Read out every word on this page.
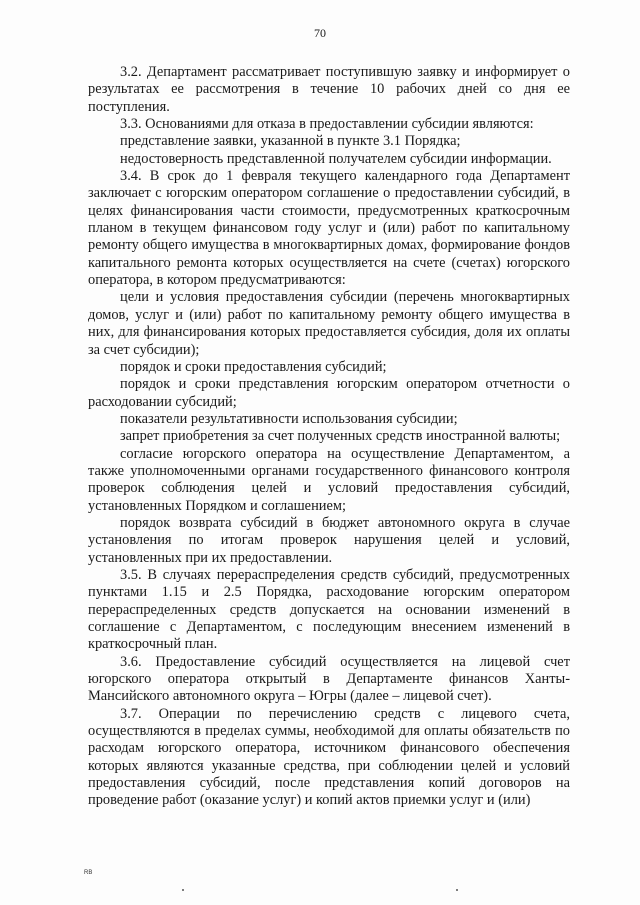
70

3.2. Департамент рассматривает поступившую заявку и информирует о результатах ее рассмотрения в течение 10 рабочих дней со дня ее поступления.

3.3. Основаниями для отказа в предоставлении субсидии являются:

представление заявки, указанной в пункте 3.1 Порядка;

недостоверность представленной получателем субсидии информации.

3.4. В срок до 1 февраля текущего календарного года Департамент заключает с югорским оператором соглашение о предоставлении субсидий, в целях финансирования части стоимости, предусмотренных краткосрочным планом в текущем финансовом году услуг и (или) работ по капитальному ремонту общего имущества в многоквартирных домах, формирование фондов капитального ремонта которых осуществляется на счете (счетах) югорского оператора, в котором предусматриваются:

цели и условия предоставления субсидии (перечень многоквартирных домов, услуг и (или) работ по капитальному ремонту общего имущества в них, для финансирования которых предоставляется субсидия, доля их оплаты за счет субсидии);

порядок и сроки предоставления субсидий;

порядок и сроки представления югорским оператором отчетности о расходовании субсидий;

показатели результативности использования субсидии;

запрет приобретения за счет полученных средств иностранной валюты;

согласие югорского оператора на осуществление Департаментом, а также уполномоченными органами государственного финансового контроля проверок соблюдения целей и условий предоставления субсидий, установленных Порядком и соглашением;

порядок возврата субсидий в бюджет автономного округа в случае установления по итогам проверок нарушения целей и условий, установленных при их предоставлении.

3.5. В случаях перераспределения средств субсидий, предусмотренных пунктами 1.15 и 2.5 Порядка, расходование югорским оператором перераспределенных средств допускается на основании изменений в соглашение с Департаментом, с последующим внесением изменений в краткосрочный план.

3.6. Предоставление субсидий осуществляется на лицевой счет югорского оператора открытый в Департаменте финансов Ханты-Мансийского автономного округа – Югры (далее – лицевой счет).

3.7. Операции по перечислению средств с лицевого счета, осуществляются в пределах суммы, необходимой для оплаты обязательств по расходам югорского оператора, источником финансового обеспечения которых являются указанные средства, при соблюдении целей и условий предоставления субсидий, после представления копий договоров на проведение работ (оказание услуг) и копий актов приемки услуг и (или)

RB
